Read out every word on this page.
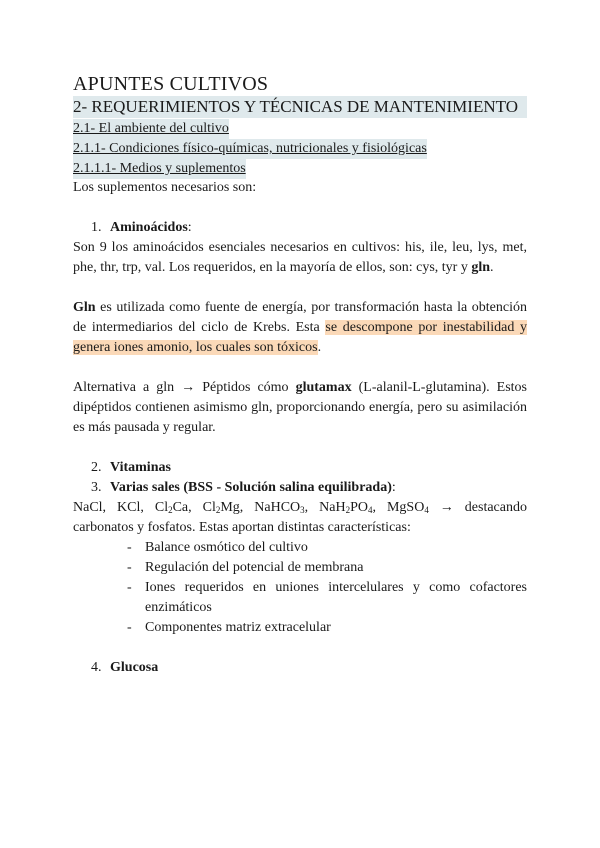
APUNTES CULTIVOS
2- REQUERIMIENTOS Y TÉCNICAS DE MANTENIMIENTO
2.1- El ambiente del cultivo
2.1.1- Condiciones físico-químicas, nutricionales y fisiológicas
2.1.1.1- Medios y suplementos

Los suplementos necesarios son:

1. Aminoácidos:

Son 9 los aminoácidos esenciales necesarios en cultivos: his, ile, leu, lys, met, phe, thr, trp, val. Los requeridos, en la mayoría de ellos, son: cys, tyr y gln.

Gln es utilizada como fuente de energía, por transformación hasta la obtención de intermediarios del ciclo de Krebs. Esta se descompone por inestabilidad y genera iones amonio, los cuales son tóxicos.

Alternativa a gln → Péptidos cómo glutamax (L-alanil-L-glutamina). Estos dipéptidos contienen asimismo gln, proporcionando energía, pero su asimilación es más pausada y regular.

2. Vitaminas
3. Varias sales (BSS - Solución salina equilibrada):

NaCl, KCl, $Cl_2Ca$, $Cl_2Mg$, NaHCO$_3$, $NaH_2PO_4$, MgSO$_4$ → destacando carbonatos y fosfatos. Estas aportan distintas características:

- Balance osmótico del cultivo
- Regulación del potencial de membrana
- Iones requeridos en uniones intercelulares y como cofactores enzimáticos
- Componentes matriz extracelular
4. Glucosa
